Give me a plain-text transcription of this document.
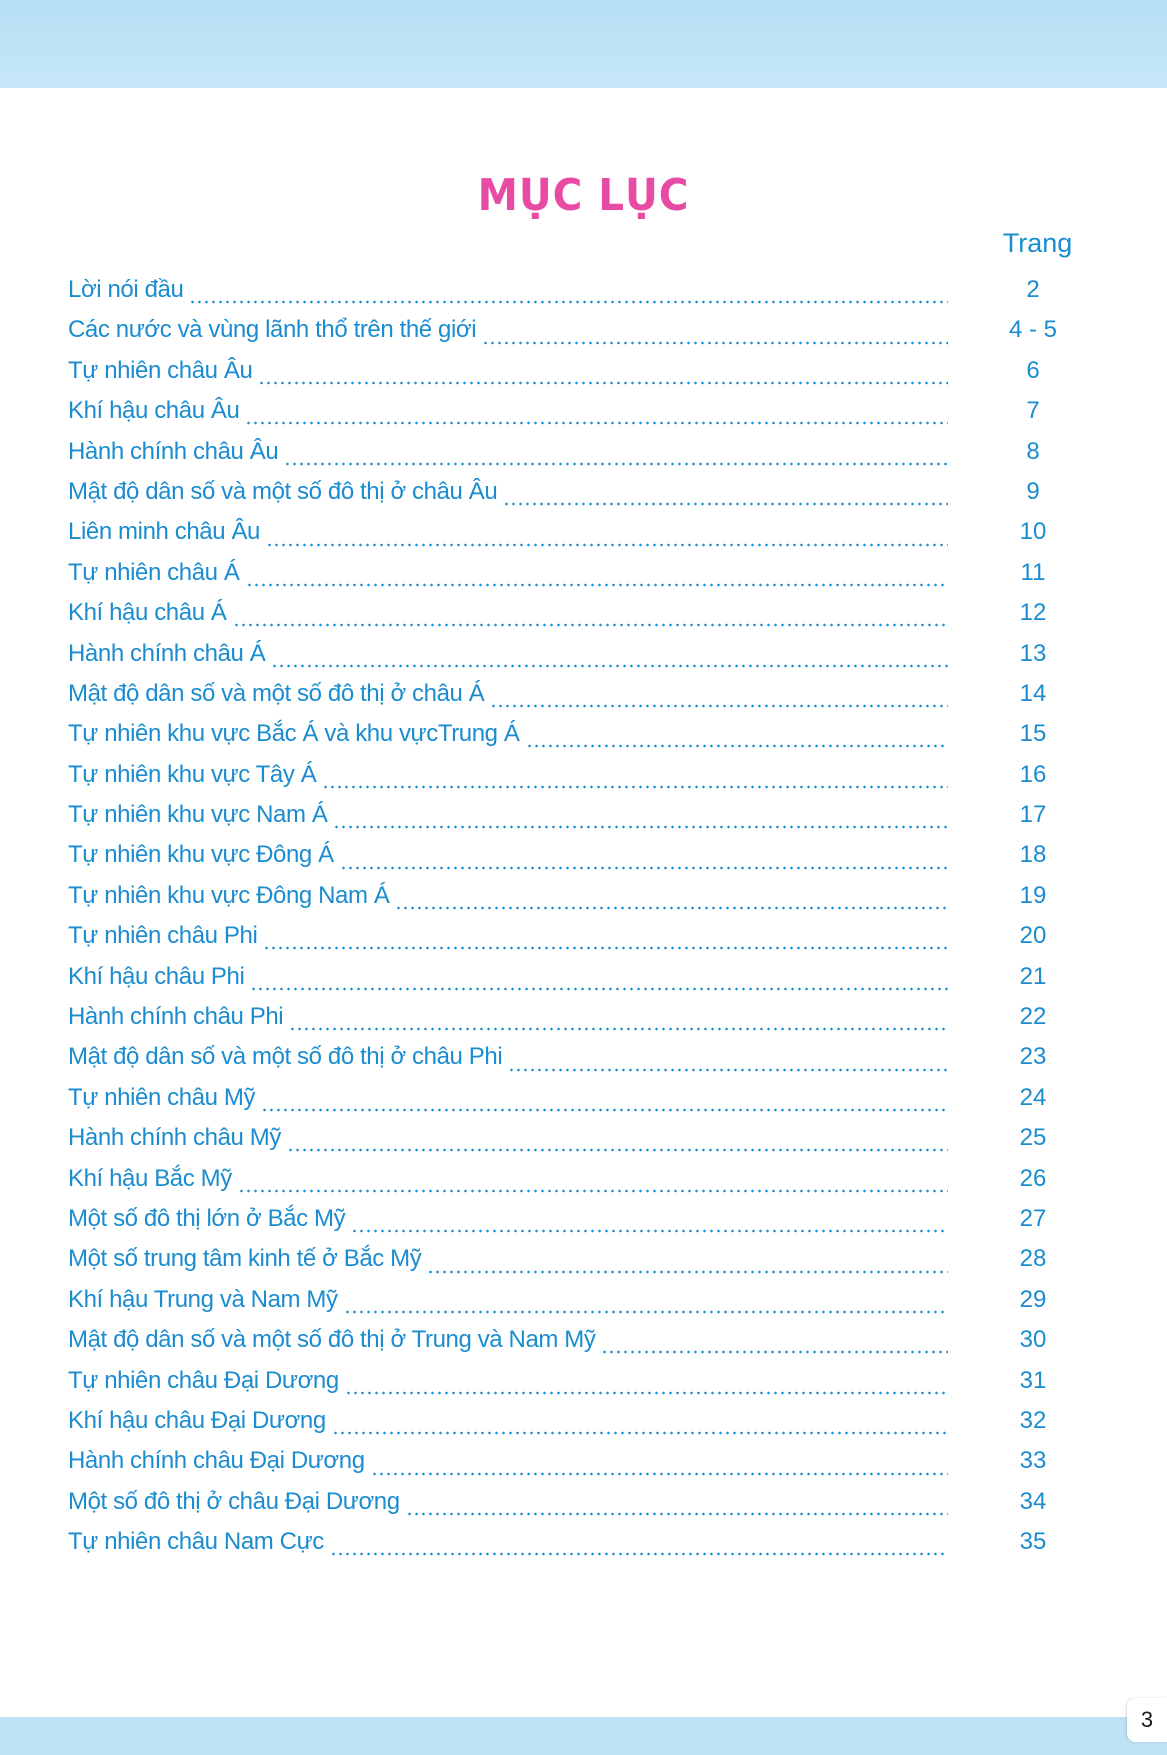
MỤC LỤC
Trang
Lời nói đầu	2
Các nước và vùng lãnh thổ trên thế giới	4 - 5
Tự nhiên châu Âu	6
Khí hậu châu Âu	7
Hành chính châu Âu	8
Mật độ dân số và một số đô thị ở châu Âu	9
Liên minh châu Âu	10
Tự nhiên châu Á	11
Khí hậu châu Á	12
Hành chính châu Á	13
Mật độ dân số và một số đô thị ở châu Á	14
Tự nhiên khu vực Bắc Á và khu vựcTrung Á	15
Tự nhiên khu vực Tây Á	16
Tự nhiên khu vực Nam Á	17
Tự nhiên khu vực Đông Á	18
Tự nhiên khu vực Đông Nam Á	19
Tự nhiên châu Phi	20
Khí hậu châu Phi	21
Hành chính châu Phi	22
Mật độ dân số và một số đô thị ở châu Phi	23
Tự nhiên châu Mỹ	24
Hành chính châu Mỹ	25
Khí hậu Bắc Mỹ	26
Một số đô thị lớn ở Bắc Mỹ	27
Một số trung tâm kinh tế ở Bắc Mỹ	28
Khí hậu Trung và Nam Mỹ	29
Mật độ dân số và một số đô thị ở Trung và Nam Mỹ	30
Tự nhiên châu Đại Dương	31
Khí hậu châu Đại Dương	32
Hành chính châu Đại Dương	33
Một số đô thị ở châu Đại Dương	34
Tự nhiên châu Nam Cực	35
3
